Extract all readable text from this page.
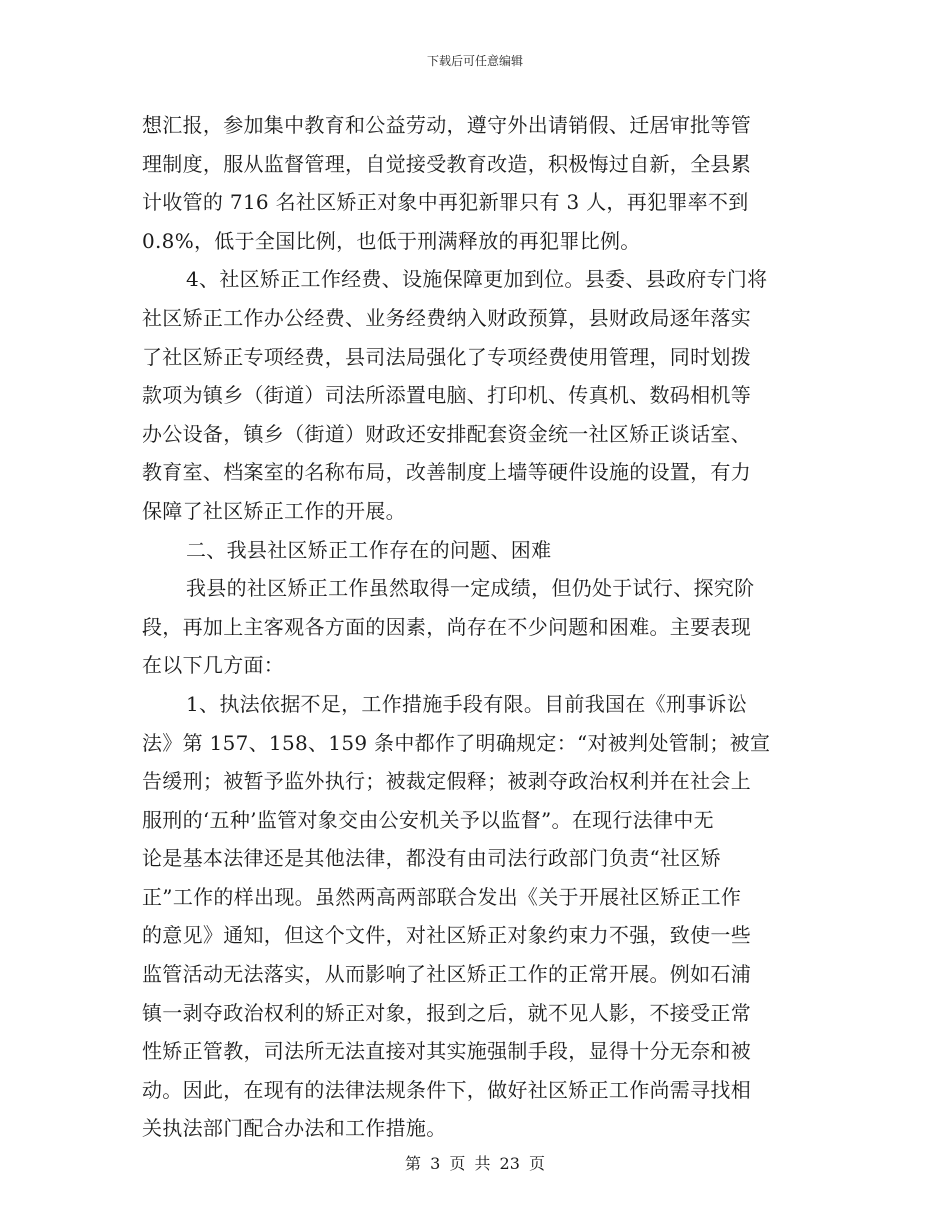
下载后可任意编辑
想汇报，参加集中教育和公益劳动，遵守外出请销假、迁居审批等管
理制度，服从监督管理，自觉接受教育改造，积极悔过自新，全县累
计收管的 716 名社区矫正对象中再犯新罪只有 3 人，再犯罪率不到
0.8%，低于全国比例，也低于刑满释放的再犯罪比例。
4、社区矫正工作经费、设施保障更加到位。县委、县政府专门将
社区矫正工作办公经费、业务经费纳入财政预算，县财政局逐年落实
了社区矫正专项经费，县司法局强化了专项经费使用管理，同时划拨
款项为镇乡（街道）司法所添置电脑、打印机、传真机、数码相机等
办公设备，镇乡（街道）财政还安排配套资金统一社区矫正谈话室、
教育室、档案室的名称布局，改善制度上墙等硬件设施的设置，有力
保障了社区矫正工作的开展。
二、我县社区矫正工作存在的问题、困难
我县的社区矫正工作虽然取得一定成绩，但仍处于试行、探究阶
段，再加上主客观各方面的因素，尚存在不少问题和困难。主要表现
在以下几方面：
1、执法依据不足，工作措施手段有限。目前我国在《刑事诉讼
法》第 157、158、159 条中都作了明确规定：“对被判处管制；被宣
告缓刑；被暂予监外执行；被裁定假释；被剥夺政治权利并在社会上
服刑的‘五种’监管对象交由公安机关予以监督”。在现行法律中无
论是基本法律还是其他法律，都没有由司法行政部门负责“社区矫
正”工作的样出现。虽然两高两部联合发出《关于开展社区矫正工作
的意见》通知，但这个文件，对社区矫正对象约束力不强，致使一些
监管活动无法落实，从而影响了社区矫正工作的正常开展。例如石浦
镇一剥夺政治权利的矫正对象，报到之后，就不见人影，不接受正常
性矫正管教，司法所无法直接对其实施强制手段，显得十分无奈和被
动。因此，在现有的法律法规条件下，做好社区矫正工作尚需寻找相
关执法部门配合办法和工作措施。
第 3 页 共 23 页
